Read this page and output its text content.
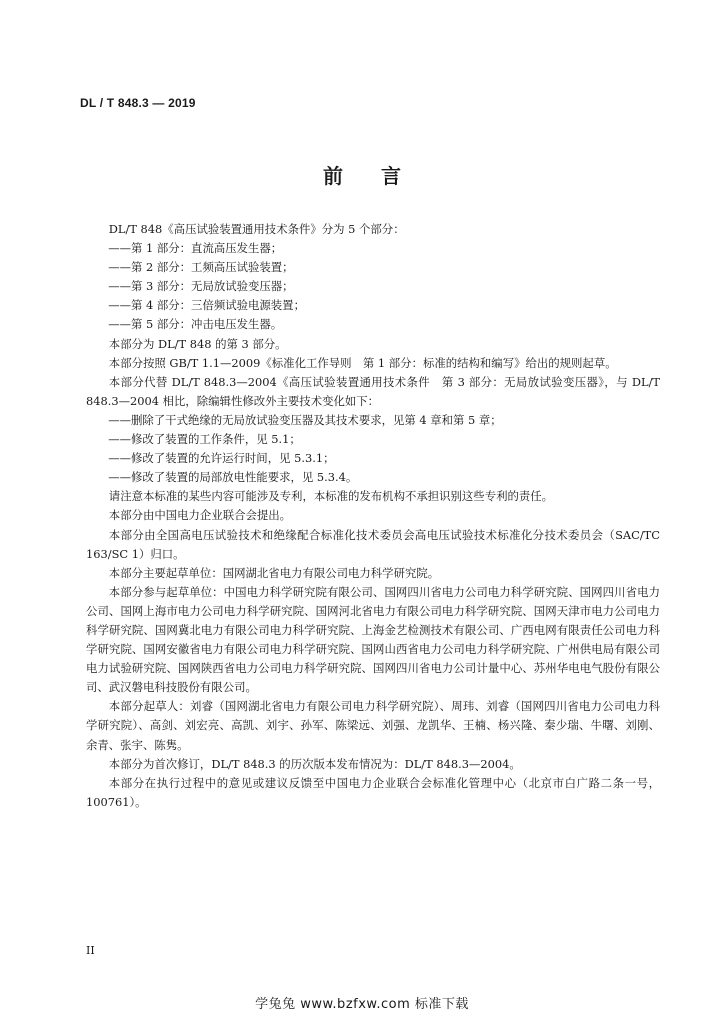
DL / T 848.3 — 2019
前言

DL/T 848《高压试验装置通用技术条件》分为 5 个部分：

——第 1 部分：直流高压发生器；

——第 2 部分：工频高压试验装置；

——第 3 部分：无局放试验变压器；

——第 4 部分：三倍频试验电源装置；

——第 5 部分：冲击电压发生器。

本部分为 DL/T 848 的第 3 部分。

本部分按照 GB/T 1.1—2009《标准化工作导则　第 1 部分：标准的结构和编写》给出的规则起草。

本部分代替 DL/T 848.3—2004《高压试验装置通用技术条件　第 3 部分：无局放试验变压器》，与 DL/T 848.3—2004 相比，除编辑性修改外主要技术变化如下：

——删除了干式绝缘的无局放试验变压器及其技术要求，见第 4 章和第 5 章；

——修改了装置的工作条件，见 5.1；

——修改了装置的允许运行时间，见 5.3.1；

——修改了装置的局部放电性能要求，见 5.3.4。

请注意本标准的某些内容可能涉及专利，本标准的发布机构不承担识别这些专利的责任。

本部分由中国电力企业联合会提出。

本部分由全国高电压试验技术和绝缘配合标准化技术委员会高电压试验技术标准化分技术委员会（SAC/TC 163/SC 1）归口。

本部分主要起草单位：国网湖北省电力有限公司电力科学研究院。

本部分参与起草单位：中国电力科学研究院有限公司、国网四川省电力公司电力科学研究院、国网四川省电力公司、国网上海市电力公司电力科学研究院、国网河北省电力有限公司电力科学研究院、国网天津市电力公司电力科学研究院、国网冀北电力有限公司电力科学研究院、上海金艺检测技术有限公司、广西电网有限责任公司电力科学研究院、国网安徽省电力有限公司电力科学研究院、国网山西省电力公司电力科学研究院、广州供电局有限公司电力试验研究院、国网陕西省电力公司电力科学研究院、国网四川省电力公司计量中心、苏州华电电气股份有限公司、武汉磐电科技股份有限公司。

本部分起草人：刘睿（国网湖北省电力有限公司电力科学研究院）、周玮、刘睿（国网四川省电力公司电力科学研究院）、高剑、刘宏亮、高凯、刘宇、孙军、陈梁远、刘强、龙凯华、王楠、杨兴隆、秦少瑞、牛曙、刘刚、余青、张宇、陈隽。

本部分为首次修订，DL/T 848.3 的历次版本发布情况为：DL/T 848.3—2004。

本部分在执行过程中的意见或建议反馈至中国电力企业联合会标准化管理中心（北京市白广路二条一号，100761）。

II
学兔兔 www.bzfxw.com 标准下载
